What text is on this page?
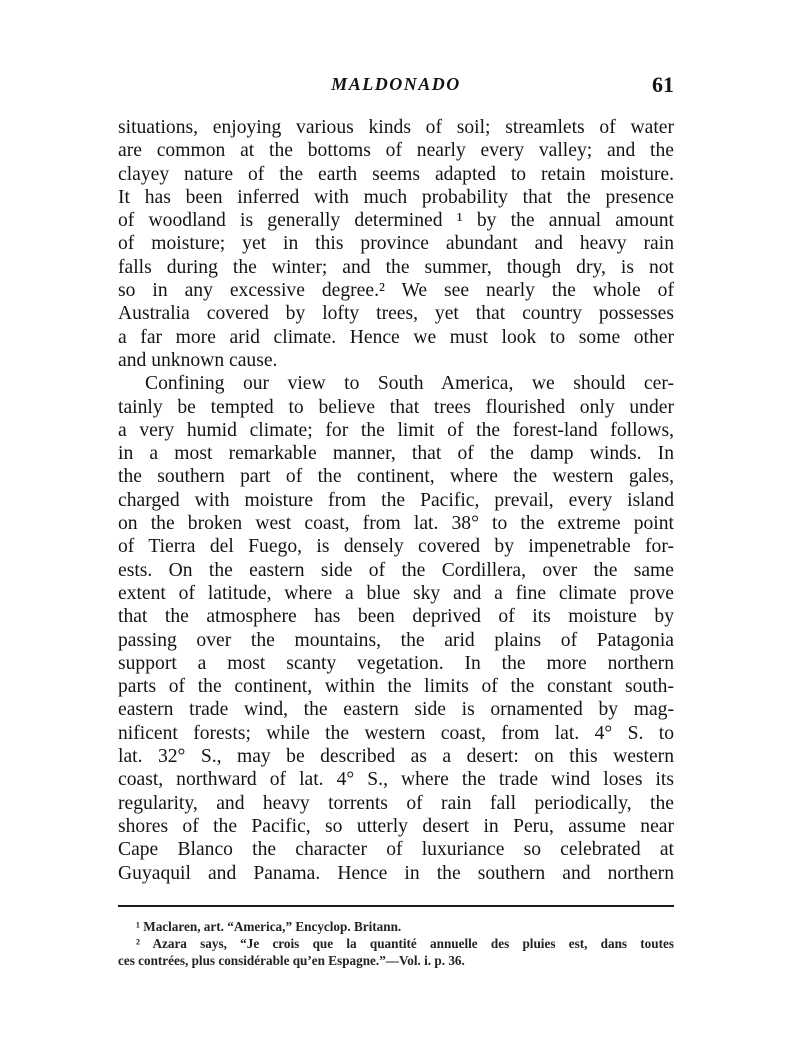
MALDONADO	61
situations, enjoying various kinds of soil; streamlets of water
are common at the bottoms of nearly every valley; and the
clayey nature of the earth seems adapted to retain moisture.
It has been inferred with much probability that the presence
of woodland is generally determined ¹ by the annual amount
of moisture; yet in this province abundant and heavy rain
falls during the winter; and the summer, though dry, is not
so in any excessive degree.² We see nearly the whole of
Australia covered by lofty trees, yet that country possesses
a far more arid climate. Hence we must look to some other
and unknown cause.
Confining our view to South America, we should cer-
tainly be tempted to believe that trees flourished only under
a very humid climate; for the limit of the forest-land follows,
in a most remarkable manner, that of the damp winds. In
the southern part of the continent, where the western gales,
charged with moisture from the Pacific, prevail, every island
on the broken west coast, from lat. 38° to the extreme point
of Tierra del Fuego, is densely covered by impenetrable for-
ests. On the eastern side of the Cordillera, over the same
extent of latitude, where a blue sky and a fine climate prove
that the atmosphere has been deprived of its moisture by
passing over the mountains, the arid plains of Patagonia
support a most scanty vegetation. In the more northern
parts of the continent, within the limits of the constant south-
eastern trade wind, the eastern side is ornamented by mag-
nificent forests; while the western coast, from lat. 4° S. to
lat. 32° S., may be described as a desert: on this western
coast, northward of lat. 4° S., where the trade wind loses its
regularity, and heavy torrents of rain fall periodically, the
shores of the Pacific, so utterly desert in Peru, assume near
Cape Blanco the character of luxuriance so celebrated at
Guyaquil and Panama. Hence in the southern and northern
¹ Maclaren, art. “America,” Encyclop. Britann.
² Azara says, “Je crois que la quantité annuelle des pluies est, dans toutes
ces contrées, plus considérable qu’en Espagne.”—Vol. i. p. 36.
